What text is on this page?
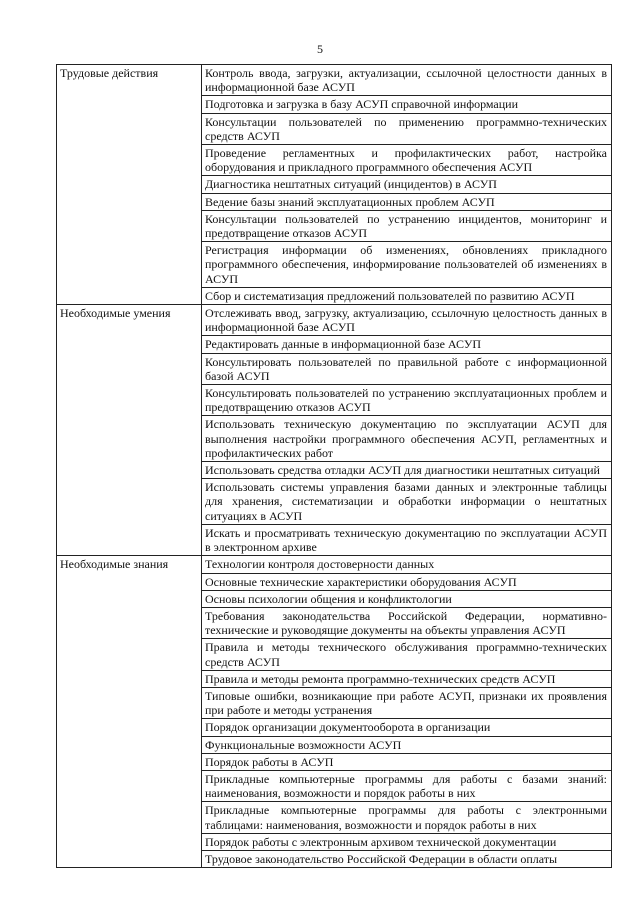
5
Трудовые действия	Контроль ввода, загрузки, актуализации, ссылочной целостности данных в информационной базе АСУП
	Подготовка и загрузка в базу АСУП справочной информации
	Консультации пользователей по применению программно-технических средств АСУП
	Проведение регламентных и профилактических работ, настройка оборудования и прикладного программного обеспечения АСУП
	Диагностика нештатных ситуаций (инцидентов) в АСУП
	Ведение базы знаний эксплуатационных проблем АСУП
	Консультации пользователей по устранению инцидентов, мониторинг и предотвращение отказов АСУП
	Регистрация информации об изменениях, обновлениях прикладного программного обеспечения, информирование пользователей об изменениях в АСУП
	Сбор и систематизация предложений пользователей по развитию АСУП
Необходимые умения	Отслеживать ввод, загрузку, актуализацию, ссылочную целостность данных в информационной базе АСУП
	Редактировать данные в информационной базе АСУП
	Консультировать пользователей по правильной работе с информационной базой АСУП
	Консультировать пользователей по устранению эксплуатационных проблем и предотвращению отказов АСУП
	Использовать техническую документацию по эксплуатации АСУП для выполнения настройки программного обеспечения АСУП, регламентных и профилактических работ
	Использовать средства отладки АСУП для диагностики нештатных ситуаций
	Использовать системы управления базами данных и электронные таблицы для хранения, систематизации и обработки информации о нештатных ситуациях в АСУП
	Искать и просматривать техническую документацию по эксплуатации АСУП в электронном архиве
Необходимые знания	Технологии контроля достоверности данных
	Основные технические характеристики оборудования АСУП
	Основы психологии общения и конфликтологии
	Требования законодательства Российской Федерации, нормативно-технические и руководящие документы на объекты управления АСУП
	Правила и методы технического обслуживания программно-технических средств АСУП
	Правила и методы ремонта программно-технических средств АСУП
	Типовые ошибки, возникающие при работе АСУП, признаки их проявления при работе и методы устранения
	Порядок организации документооборота в организации
	Функциональные возможности АСУП
	Порядок работы в АСУП
	Прикладные компьютерные программы для работы с базами знаний: наименования, возможности и порядок работы в них
	Прикладные компьютерные программы для работы с электронными таблицами: наименования, возможности и порядок работы в них
	Порядок работы с электронным архивом технической документации
	Трудовое законодательство Российской Федерации в области оплаты
